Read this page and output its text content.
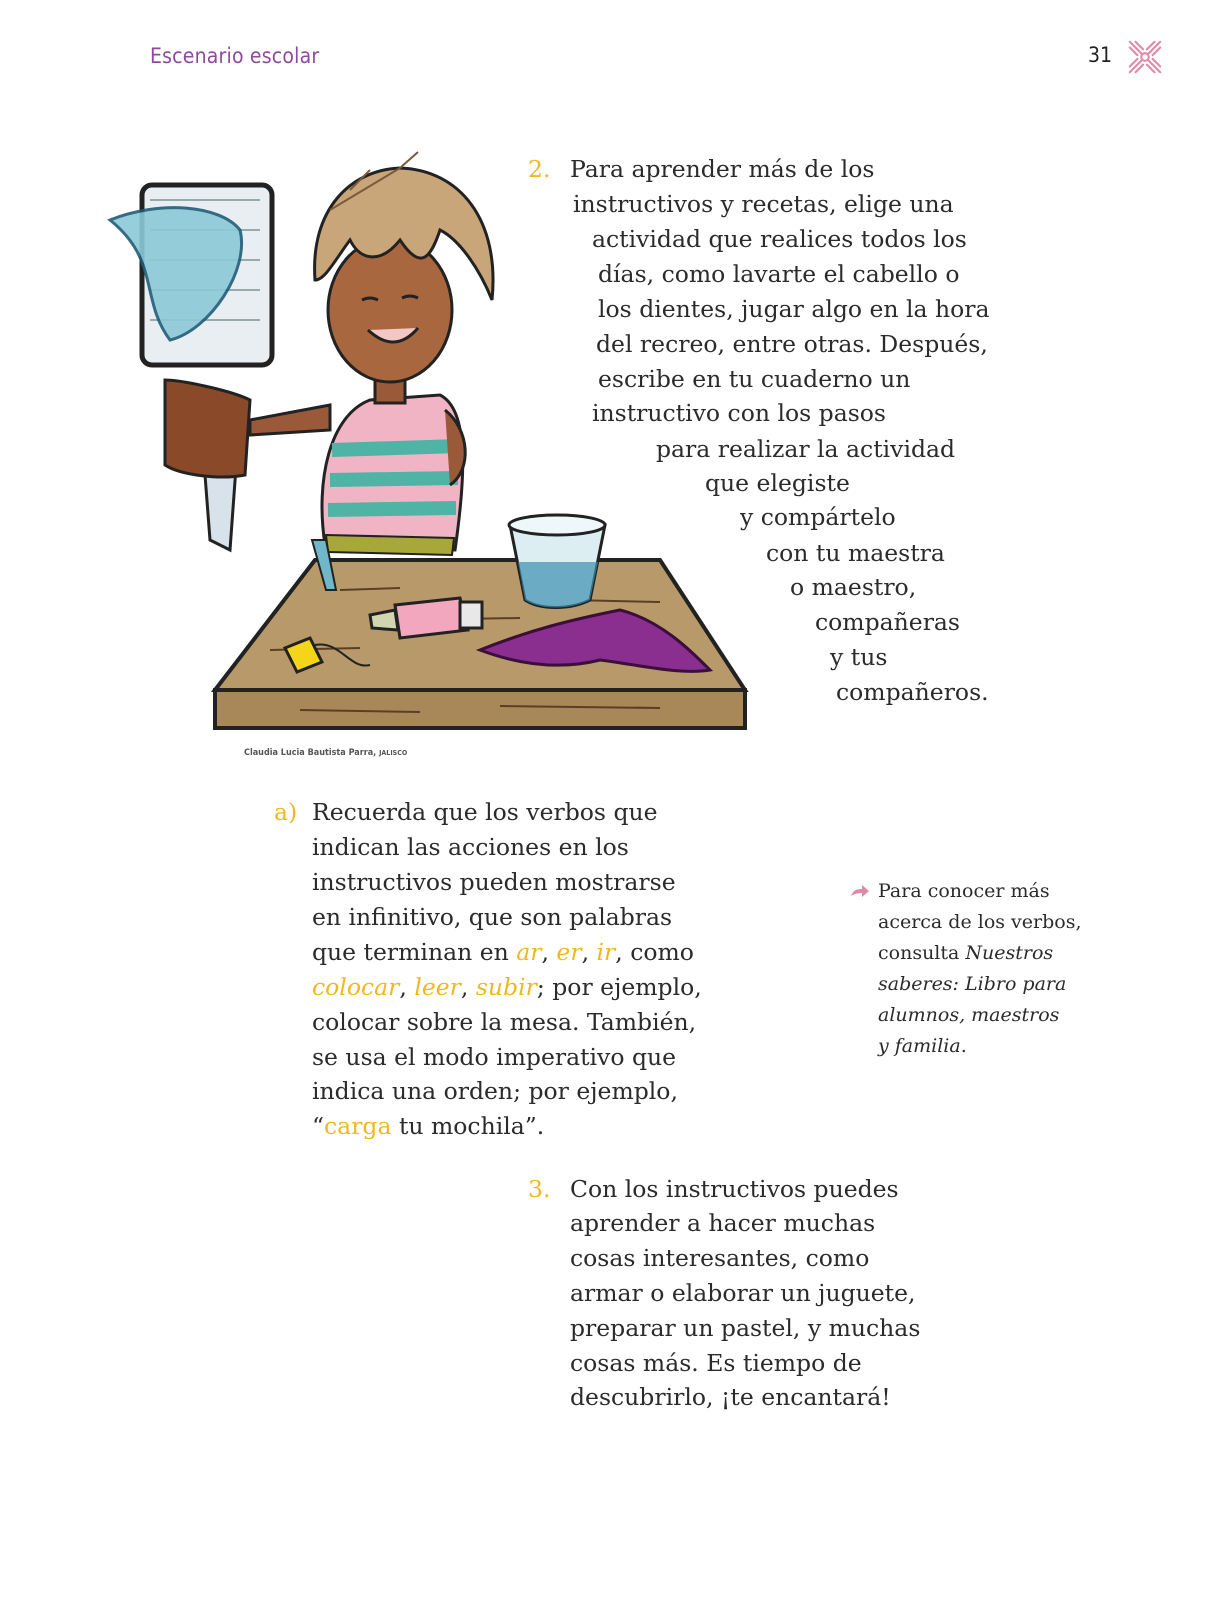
Escenario escolar	31
Claudia Lucia Bautista Parra, JALISCO
2. Para aprender más de los
instructivos y recetas, elige una
actividad que realices todos los
días, como lavarte el cabello o
los dientes, jugar algo en la hora
del recreo, entre otras. Después,
escribe en tu cuaderno un
instructivo con los pasos
para realizar la actividad
que elegiste
y compártelo
con tu maestra
o maestro,
compañeras
y tus
compañeros.
a) Recuerda que los verbos que
indican las acciones en los
instructivos pueden mostrarse
en infinitivo, que son palabras
que terminan en ar, er, ir, como
colocar, leer, subir; por ejemplo,
colocar sobre la mesa. También,
se usa el modo imperativo que
indica una orden; por ejemplo,
“carga tu mochila”.
Para conocer más
acerca de los verbos,
consulta Nuestros
saberes: Libro para
alumnos, maestros
y familia.
3. Con los instructivos puedes
aprender a hacer muchas
cosas interesantes, como
armar o elaborar un juguete,
preparar un pastel, y muchas
cosas más. Es tiempo de
descubrirlo, ¡te encantará!
